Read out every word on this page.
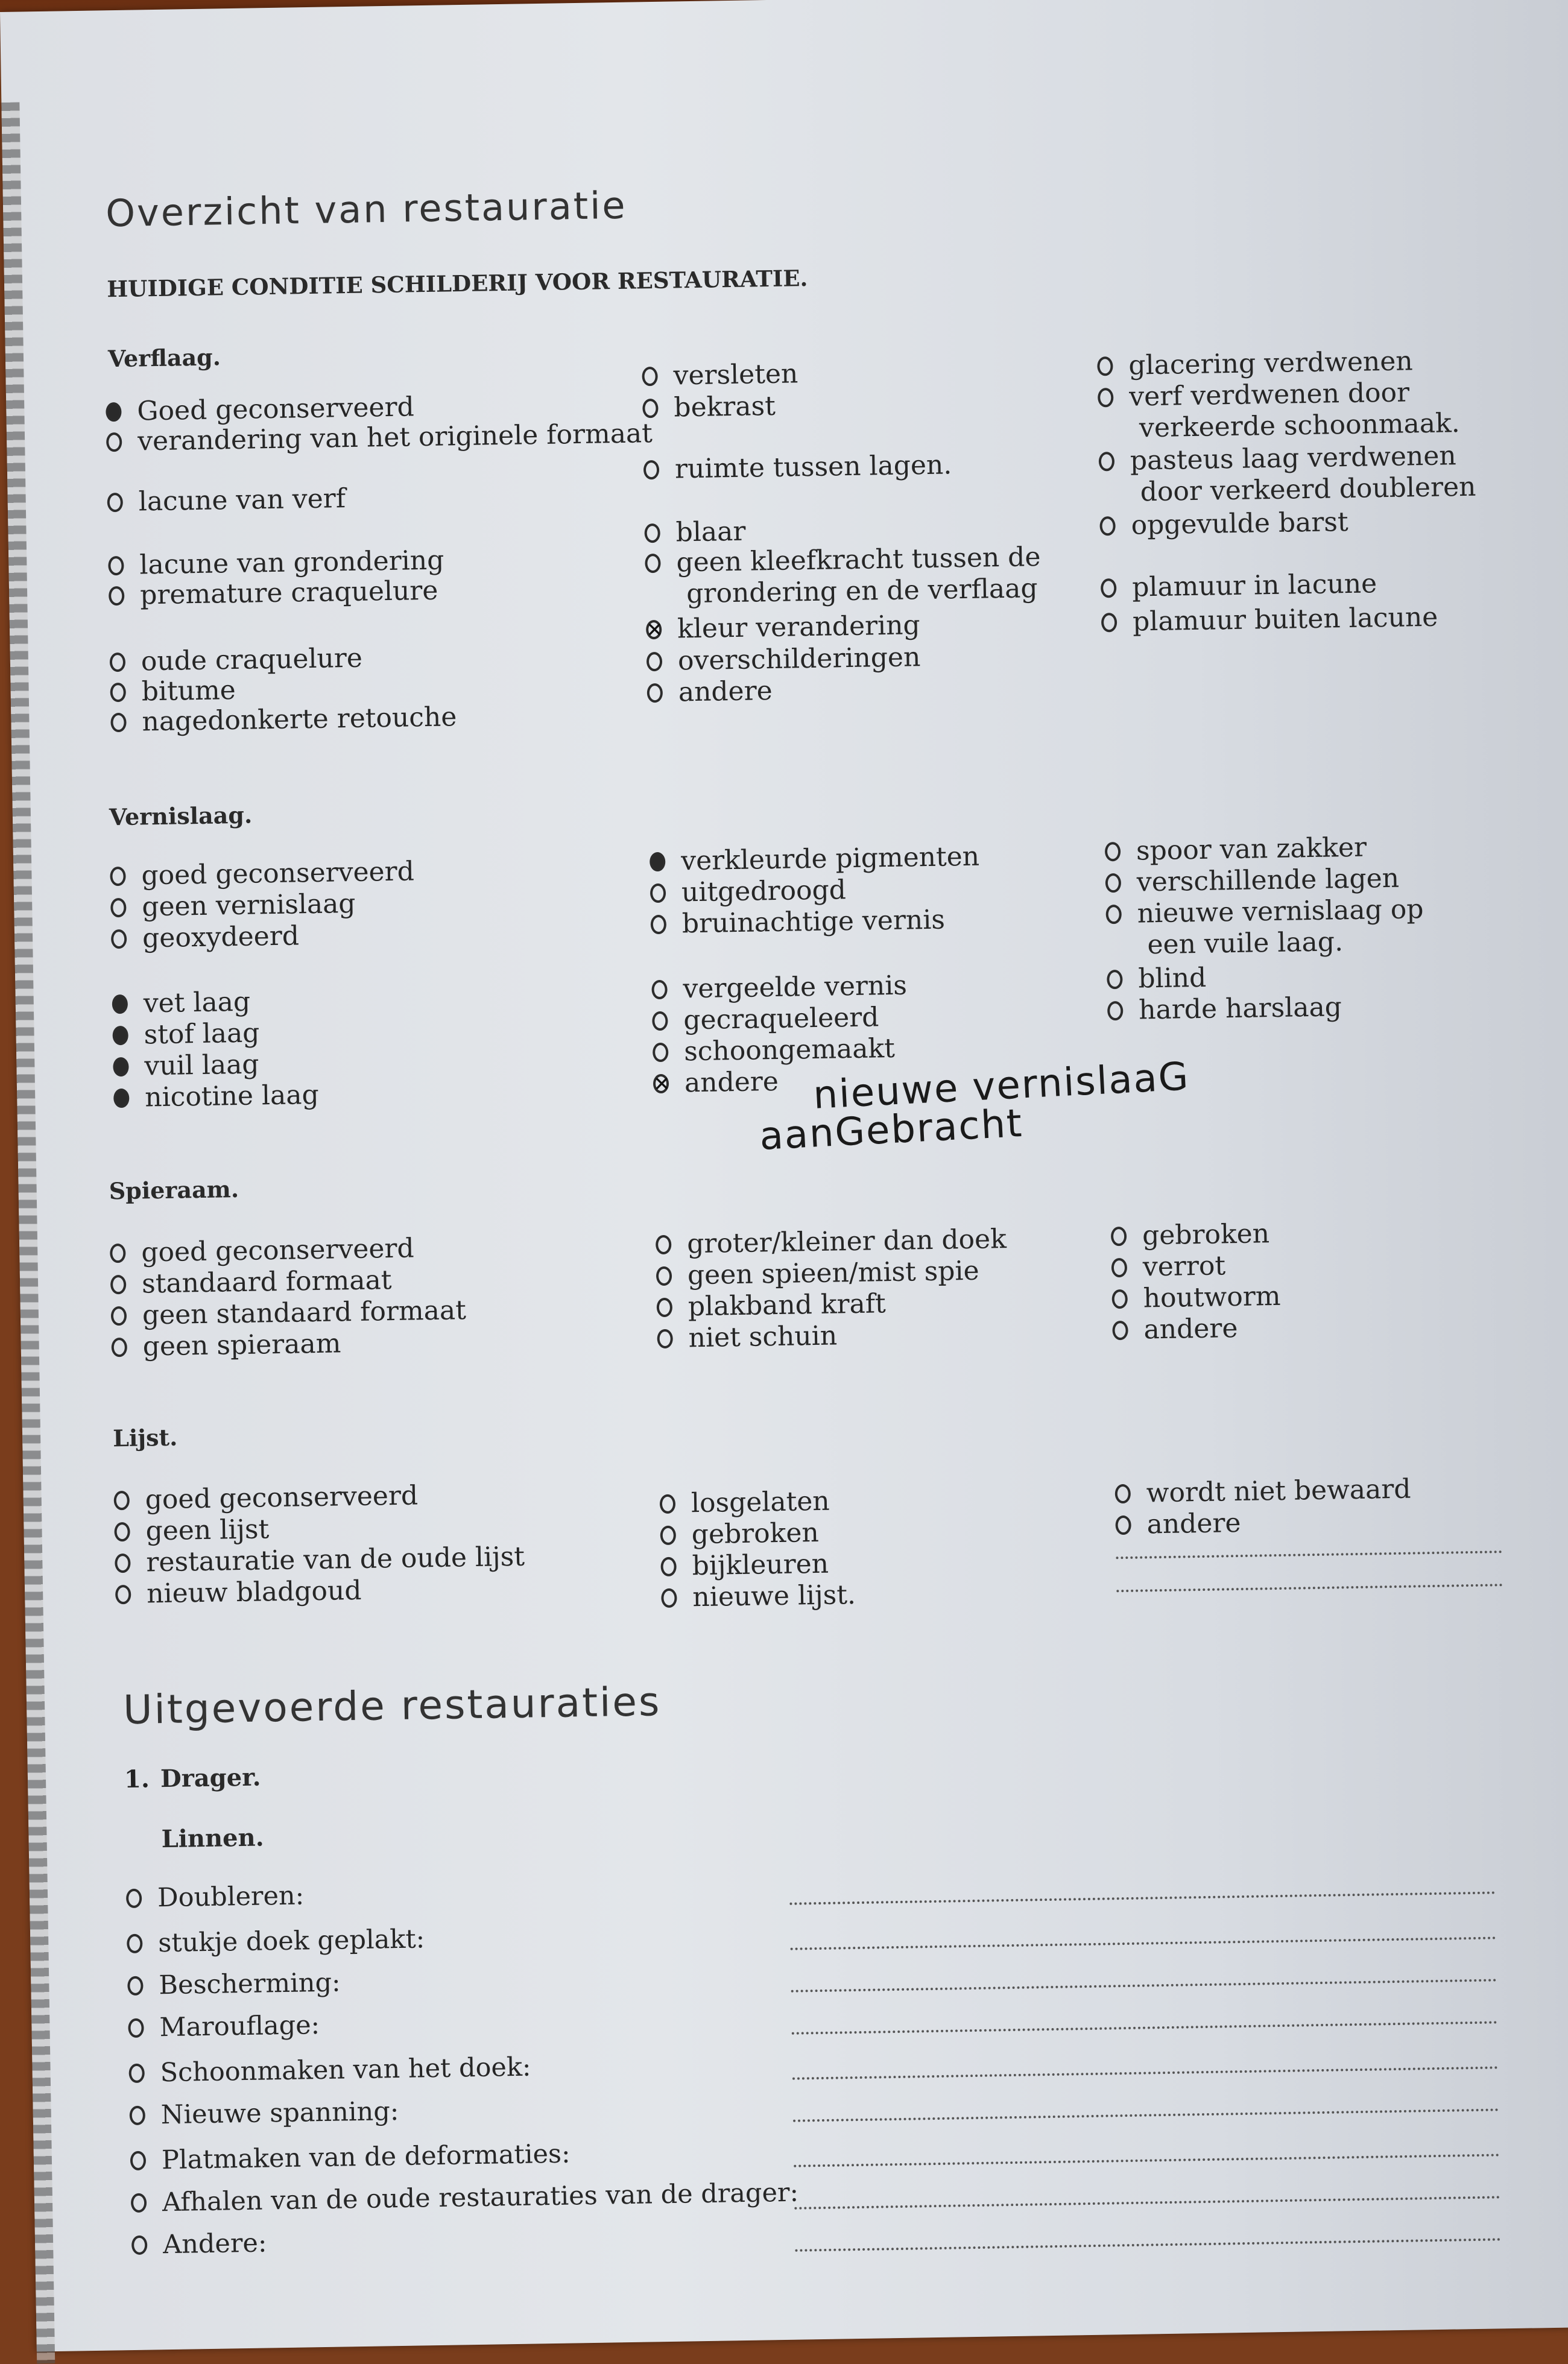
Overzicht van restauratie
HUIDIGE CONDITIE SCHILDERIJ VOOR RESTAURATIE.
Verflaag.
Goed geconserveerd
verandering van het originele formaat
lacune van verf
lacune van grondering
premature craquelure
oude craquelure
bitume
nagedonkerte retouche
versleten
bekrast
ruimte tussen lagen.
blaar
geen kleefkracht tussen de
grondering en de verflaag
✕kleur verandering
overschilderingen
andere
glacering verdwenen
verf verdwenen door
verkeerde schoonmaak.
pasteus laag verdwenen
door verkeerd doubleren
opgevulde barst
plamuur in lacune
plamuur buiten lacune
Vernislaag.
goed geconserveerd
geen vernislaag
geoxydeerd
vet laag
stof laag
vuil laag
nicotine laag
verkleurde pigmenten
uitgedroogd
bruinachtige vernis
vergeelde vernis
gecraqueleerd
schoongemaakt
✕andere
spoor van zakker
verschillende lagen
nieuwe vernislaag op
een vuile laag.
blind
harde harslaag
Spieraam.
goed geconserveerd
standaard formaat
geen standaard formaat
geen spieraam
groter/kleiner dan doek
geen spieen/mist spie
plakband kraft
niet schuin
gebroken
verrot
houtworm
andere
Lijst.
goed geconserveerd
geen lijst
restauratie van de oude lijst
nieuw bladgoud
losgelaten
gebroken
bijkleuren
nieuwe lijst.
wordt niet bewaard
andere
nieuwe vernislaaG
aanGebracht
Uitgevoerde restauraties
1. Drager.
Linnen.
Doubleren:
stukje doek geplakt:
Bescherming:
Marouflage:
Schoonmaken van het doek:
Nieuwe spanning:
Platmaken van de deformaties:
Afhalen van de oude restauraties van de drager:
Andere:
